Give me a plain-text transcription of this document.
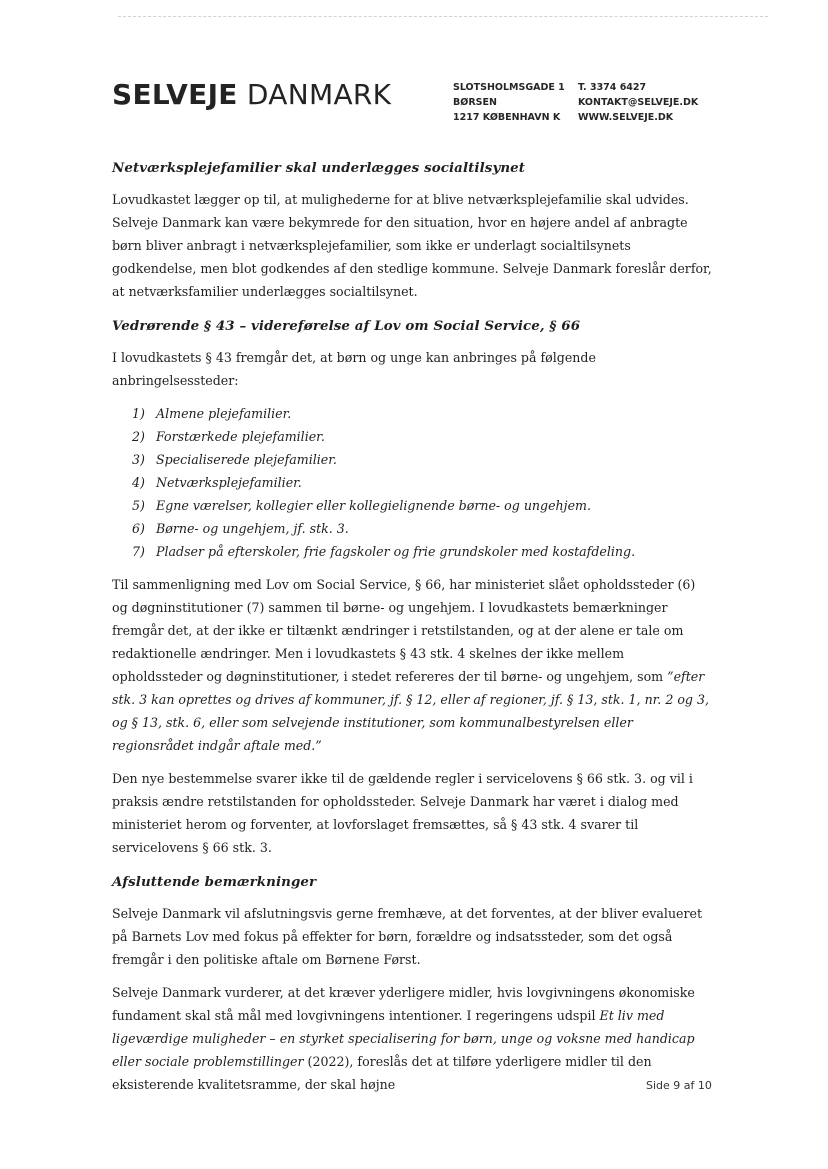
SELVEJE DANMARK	SLOTSHOLMSGADE 1
BØRSEN
1217 KØBENHAVN K
T. 3374 6427
KONTAKT@SELVEJE.DK
WWW.SELVEJE.DK
Netværksplejefamilier skal underlægges socialtilsynet

Lovudkastet lægger op til, at mulighederne for at blive netværksplejefamilie skal udvides. Selveje Danmark kan være bekymrede for den situation, hvor en højere andel af anbragte børn bliver anbragt i netværksplejefamilier, som ikke er underlagt socialtilsynets godkendelse, men blot godkendes af den stedlige kommune. Selveje Danmark foreslår derfor, at netværksfamilier underlægges socialtilsynet.

Vedrørende § 43 – videreførelse af Lov om Social Service, § 66

I lovudkastets § 43 fremgår det, at børn og unge kan anbringes på følgende anbringelsessteder:

1) Almene plejefamilier.
2) Forstærkede plejefamilier.
3) Specialiserede plejefamilier.
4) Netværksplejefamilier.
5) Egne værelser, kollegier eller kollegielignende børne- og ungehjem.
6) Børne- og ungehjem, jf. stk. 3.
7) Pladser på efterskoler, frie fagskoler og frie grundskoler med kostafdeling.

Til sammenligning med Lov om Social Service, § 66, har ministeriet slået opholdssteder (6) og døgninstitutioner (7) sammen til børne- og ungehjem. I lovudkastets bemærkninger fremgår det, at der ikke er tiltænkt ændringer i retstilstanden, og at der alene er tale om redaktionelle ændringer. Men i lovudkastets § 43 stk. 4 skelnes der ikke mellem opholdssteder og døgninstitutioner, i stedet refereres der til børne- og ungehjem, som ”efter stk. 3 kan oprettes og drives af kommuner, jf. § 12, eller af regioner, jf. § 13, stk. 1, nr. 2 og 3, og § 13, stk. 6, eller som selvejende institutioner, som kommunalbestyrelsen eller regionsrådet indgår aftale med.”

Den nye bestemmelse svarer ikke til de gældende regler i servicelovens § 66 stk. 3. og vil i praksis ændre retstilstanden for opholdssteder. Selveje Danmark har været i dialog med ministeriet herom og forventer, at lovforslaget fremsættes, så § 43 stk. 4 svarer til servicelovens § 66 stk. 3.

Afsluttende bemærkninger

Selveje Danmark vil afslutningsvis gerne fremhæve, at det forventes, at der bliver evalueret på Barnets Lov med fokus på effekter for børn, forældre og indsatssteder, som det også fremgår i den politiske aftale om Børnene Først.

Selveje Danmark vurderer, at det kræver yderligere midler, hvis lovgivningens økonomiske fundament skal stå mål med lovgivningens intentioner. I regeringens udspil Et liv med ligeværdige muligheder – en styrket specialisering for børn, unge og voksne med handicap eller sociale problemstillinger (2022), foreslås det at tilføre yderligere midler til den eksisterende kvalitetsramme, der skal højne	Side 9 af 10
